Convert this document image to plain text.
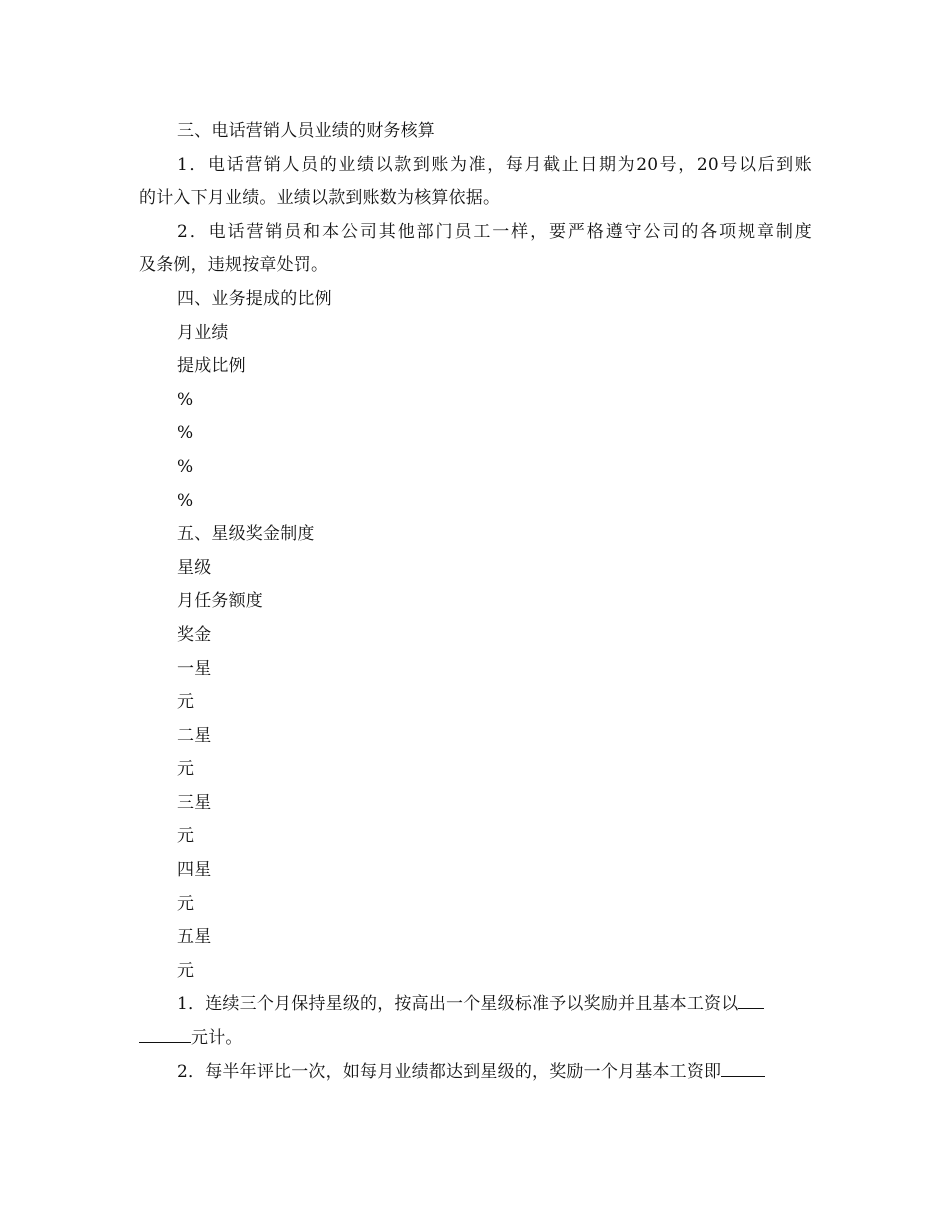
三、电话营销人员业绩的财务核算
1．电话营销人员的业绩以款到账为准，每月截止日期为20号，20号以后到账
的计入下月业绩。业绩以款到账数为核算依据。
2．电话营销员和本公司其他部门员工一样，要严格遵守公司的各项规章制度
及条例，违规按章处罚。
四、业务提成的比例
月业绩
提成比例
%
%
%
%
五、星级奖金制度
星级
月任务额度
奖金
一星
元
二星
元
三星
元
四星
元
五星
元
1．连续三个月保持星级的，按高出一个星级标准予以奖励并且基本工资以
元计。
2．每半年评比一次，如每月业绩都达到星级的，奖励一个月基本工资即
